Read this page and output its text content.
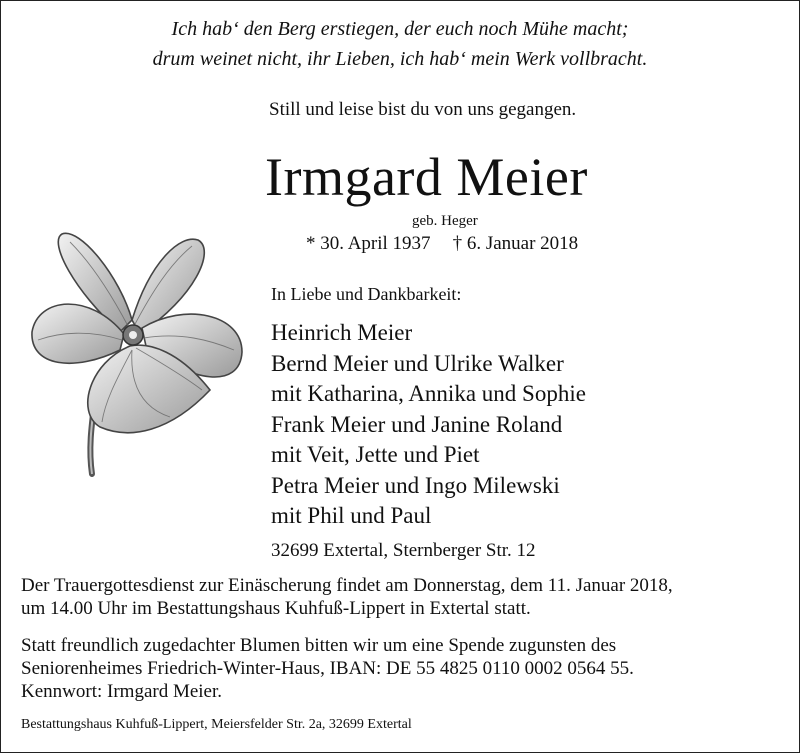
Ich hab‘ den Berg erstiegen, der euch noch Mühe macht;
drum weinet nicht, ihr Lieben, ich hab‘ mein Werk vollbracht.
Still und leise bist du von uns gegangen.
Irmgard Meier
geb. Heger
* 30. April 1937 † 6. Januar 2018
In Liebe und Dankbarkeit:
Heinrich Meier
Bernd Meier und Ulrike Walker
mit Katharina, Annika und Sophie
Frank Meier und Janine Roland
mit Veit, Jette und Piet
Petra Meier und Ingo Milewski
mit Phil und Paul
32699 Extertal, Sternberger Str. 12
Der Trauergottesdienst zur Einäscherung findet am Donnerstag, dem 11. Januar 2018,
um 14.00 Uhr im Bestattungshaus Kuhfuß-Lippert in Extertal statt.
Statt freundlich zugedachter Blumen bitten wir um eine Spende zugunsten des
Seniorenheimes Friedrich-Winter-Haus, IBAN: DE 55 4825 0110 0002 0564 55.
Kennwort: Irmgard Meier.
Bestattungshaus Kuhfuß-Lippert, Meiersfelder Str. 2a, 32699 Extertal
